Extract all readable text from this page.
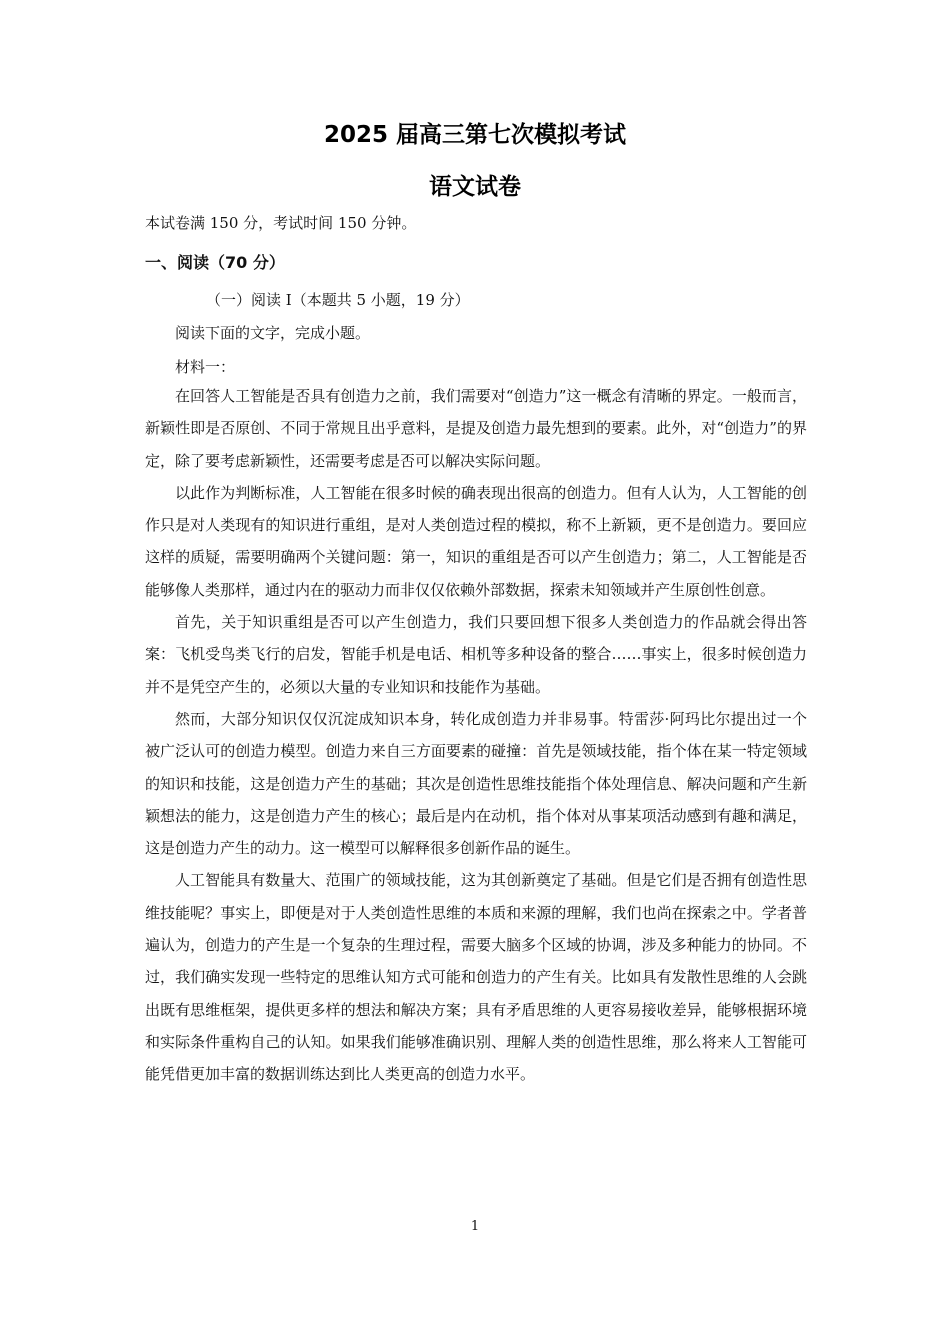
2025 届高三第七次模拟考试
语文试卷
本试卷满 150 分，考试时间 150 分钟。
一、阅读（70 分）
（一）阅读 I（本题共 5 小题，19 分）
阅读下面的文字，完成小题。
材料一：

在回答人工智能是否具有创造力之前，我们需要对“创造力”这一概念有清晰的界定。一般而言，新颖性即是否原创、不同于常规且出乎意料，是提及创造力最先想到的要素。此外，对“创造力”的界定，除了要考虑新颖性，还需要考虑是否可以解决实际问题。

以此作为判断标准，人工智能在很多时候的确表现出很高的创造力。但有人认为，人工智能的创作只是对人类现有的知识进行重组，是对人类创造过程的模拟，称不上新颖，更不是创造力。要回应这样的质疑，需要明确两个关键问题：第一，知识的重组是否可以产生创造力；第二，人工智能是否能够像人类那样，通过内在的驱动力而非仅仅依赖外部数据，探索未知领域并产生原创性创意。

首先，关于知识重组是否可以产生创造力，我们只要回想下很多人类创造力的作品就会得出答案：飞机受鸟类飞行的启发，智能手机是电话、相机等多种设备的整合……事实上，很多时候创造力并不是凭空产生的，必须以大量的专业知识和技能作为基础。

然而，大部分知识仅仅沉淀成知识本身，转化成创造力并非易事。特雷莎·阿玛比尔提出过一个被广泛认可的创造力模型。创造力来自三方面要素的碰撞：首先是领域技能，指个体在某一特定领域的知识和技能，这是创造力产生的基础；其次是创造性思维技能指个体处理信息、解决问题和产生新颖想法的能力，这是创造力产生的核心；最后是内在动机，指个体对从事某项活动感到有趣和满足，这是创造力产生的动力。这一模型可以解释很多创新作品的诞生。

人工智能具有数量大、范围广的领域技能，这为其创新奠定了基础。但是它们是否拥有创造性思维技能呢？事实上，即便是对于人类创造性思维的本质和来源的理解，我们也尚在探索之中。学者普遍认为，创造力的产生是一个复杂的生理过程，需要大脑多个区域的协调，涉及多种能力的协同。不过，我们确实发现一些特定的思维认知方式可能和创造力的产生有关。比如具有发散性思维的人会跳出既有思维框架，提供更多样的想法和解决方案；具有矛盾思维的人更容易接收差异，能够根据环境和实际条件重构自己的认知。如果我们能够准确识别、理解人类的创造性思维，那么将来人工智能可能凭借更加丰富的数据训练达到比人类更高的创造力水平。

1
